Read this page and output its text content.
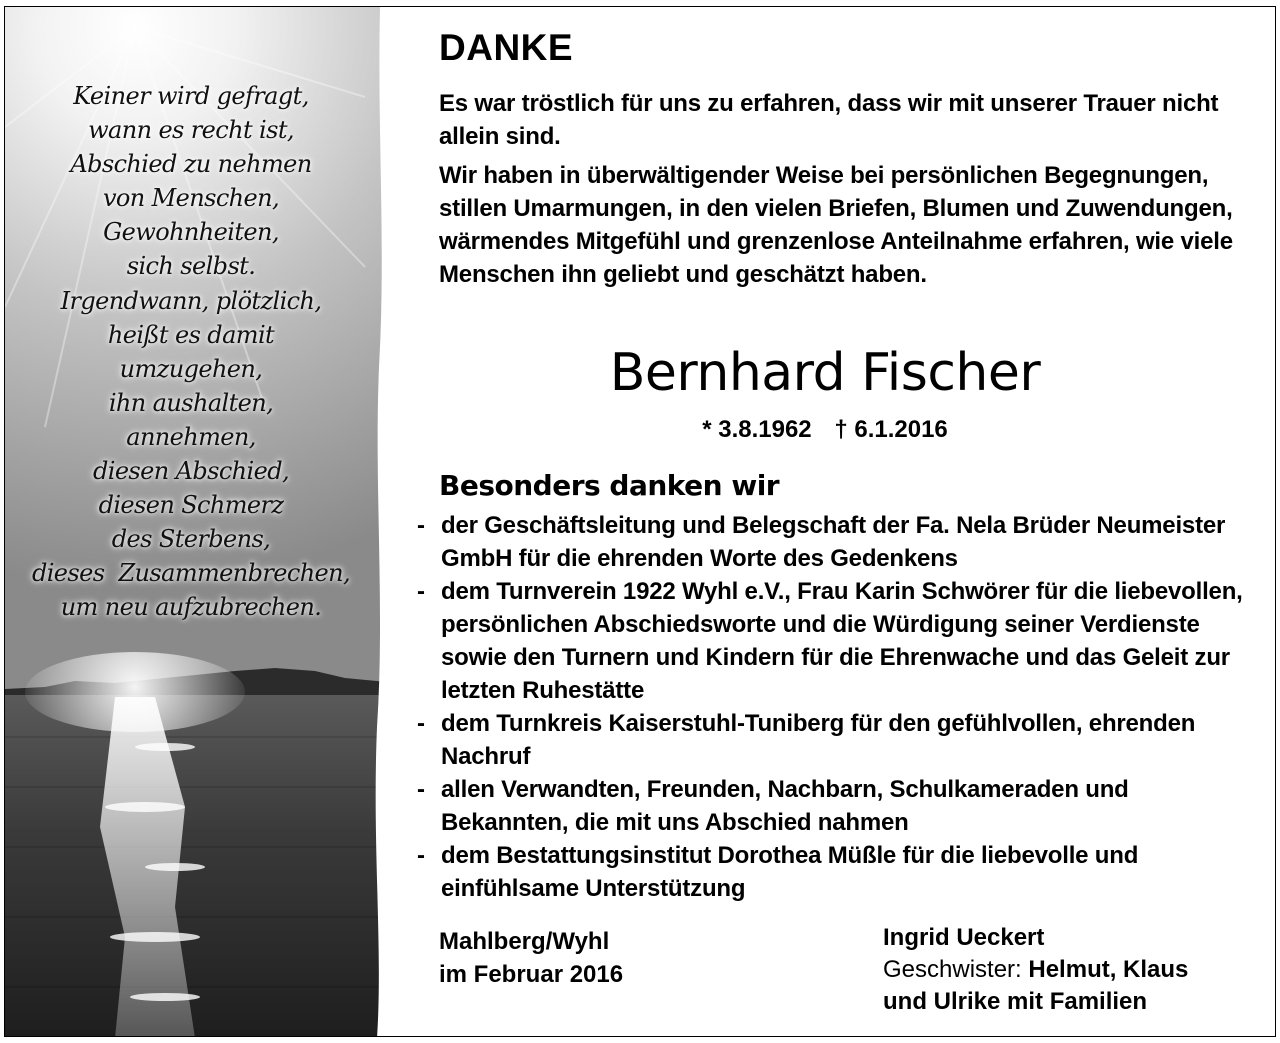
Keiner wird gefragt,
wann es recht ist,
Abschied zu nehmen
von Menschen,
Gewohnheiten,
sich selbst.
Irgendwann, plötzlich,
heißt es damit
umzugehen,
ihn aushalten,
annehmen,
diesen Abschied,
diesen Schmerz
des Sterbens,
dieses  Zusammenbrechen,
um neu aufzubrechen.
DANKE

Es war tröstlich für uns zu erfahren, dass wir mit unserer Trauer nicht allein sind.

Wir haben in überwältigender Weise bei persönlichen Begegnungen, stillen Umarmungen, in den vielen Briefen, Blumen und Zuwendungen, wärmendes Mitgefühl und grenzenlose Anteilnahme erfahren, wie viele Menschen ihn geliebt und geschätzt haben.

Bernhard Fischer

* 3.8.1962 † 6.1.2016

Besonders danken wir
- der Geschäftsleitung und Belegschaft der Fa. Nela Brüder Neumeister GmbH für die ehrenden Worte des Gedenkens
- dem Turnverein 1922 Wyhl e.V., Frau Karin Schwörer für die liebevollen, persönlichen Abschiedsworte und die Würdigung seiner Verdienste sowie den Turnern und Kindern für die Ehrenwache und das Geleit zur letzten Ruhestätte
- dem Turnkreis Kaiserstuhl-Tuniberg für den gefühlvollen, ehrenden Nachruf
- allen Verwandten, Freunden, Nachbarn, Schulkameraden und Bekannten, die mit uns Abschied nahmen
- dem Bestattungsinstitut Dorothea Müßle für die liebevolle und einfühlsame Unterstützung

Mahlberg/Wyhl
im Februar 2016

Ingrid Ueckert
Geschwister: Helmut, Klaus
und Ulrike mit Familien
